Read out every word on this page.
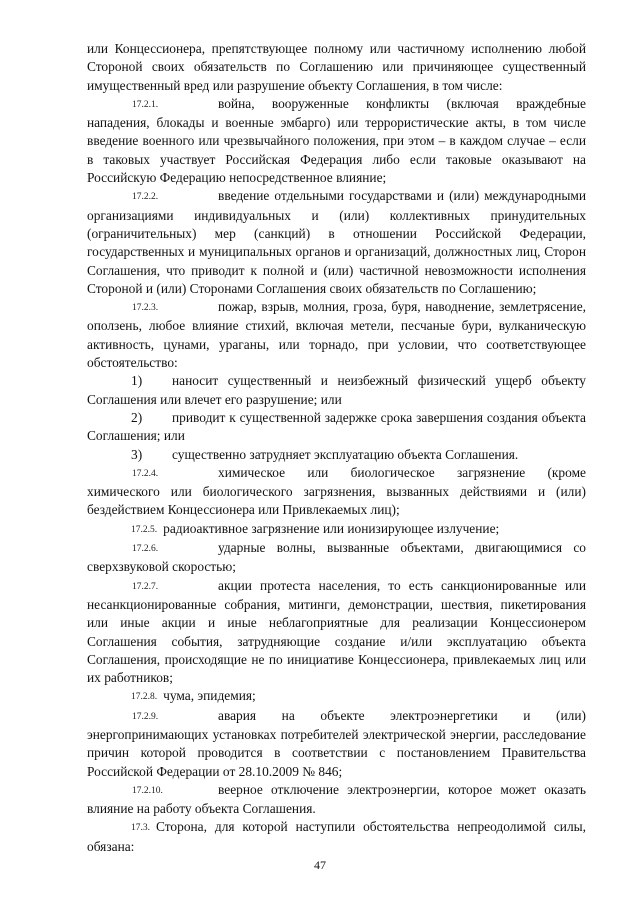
или Концессионера, препятствующее полному или частичному исполнению любой Стороной своих обязательств по Соглашению или причиняющее существенный имущественный вред или разрушение объекту Соглашения, в том числе:

17.2.1.	война, вооруженные конфликты (включая враждебные нападения, блокады и военные эмбарго) или террористические акты, в том числе введение военного или чрезвычайного положения, при этом – в каждом случае – если в таковых участвует Российская Федерация либо если таковые оказывают на Российскую Федерацию непосредственное влияние;

17.2.2.	введение отдельными государствами и (или) международными организациями индивидуальных и (или) коллективных принудительных (ограничительных) мер (санкций) в отношении Российской Федерации, государственных и муниципальных органов и организаций, должностных лиц, Сторон Соглашения, что приводит к полной и (или) частичной невозможности исполнения Стороной и (или) Сторонами Соглашения своих обязательств по Соглашению;

17.2.3.	пожар, взрыв, молния, гроза, буря, наводнение, землетрясение, оползень, любое влияние стихий, включая метели, песчаные бури, вулканическую активность, цунами, ураганы, или торнадо, при условии, что соответствующее обстоятельство:

1) наносит существенный и неизбежный физический ущерб объекту Соглашения или влечет его разрушение; или

2) приводит к существенной задержке срока завершения создания объекта Соглашения; или

3) существенно затрудняет эксплуатацию объекта Соглашения.

17.2.4.	химическое или биологическое загрязнение (кроме химического или биологического загрязнения, вызванных действиями и (или) бездействием Концессионера или Привлекаемых лиц);

17.2.5. радиоактивное загрязнение или ионизирующее излучение;

17.2.6.	ударные волны, вызванные объектами, двигающимися со сверхзвуковой скоростью;

17.2.7.	акции протеста населения, то есть санкционированные или несанкционированные собрания, митинги, демонстрации, шествия, пикетирования или иные акции и иные неблагоприятные для реализации Концессионером Соглашения события, затрудняющие создание и/или эксплуатацию объекта Соглашения, происходящие не по инициативе Концессионера, привлекаемых лиц или их работников;

17.2.8. чума, эпидемия;

17.2.9.	авария на объекте электроэнергетики и (или) энергопринимающих установках потребителей электрической энергии, расследование причин которой проводится в соответствии с постановлением Правительства Российской Федерации от 28.10.2009 № 846;

17.2.10.	веерное отключение электроэнергии, которое может оказать влияние на работу объекта Соглашения.

17.3. Сторона, для которой наступили обстоятельства непреодолимой силы, обязана:

47
